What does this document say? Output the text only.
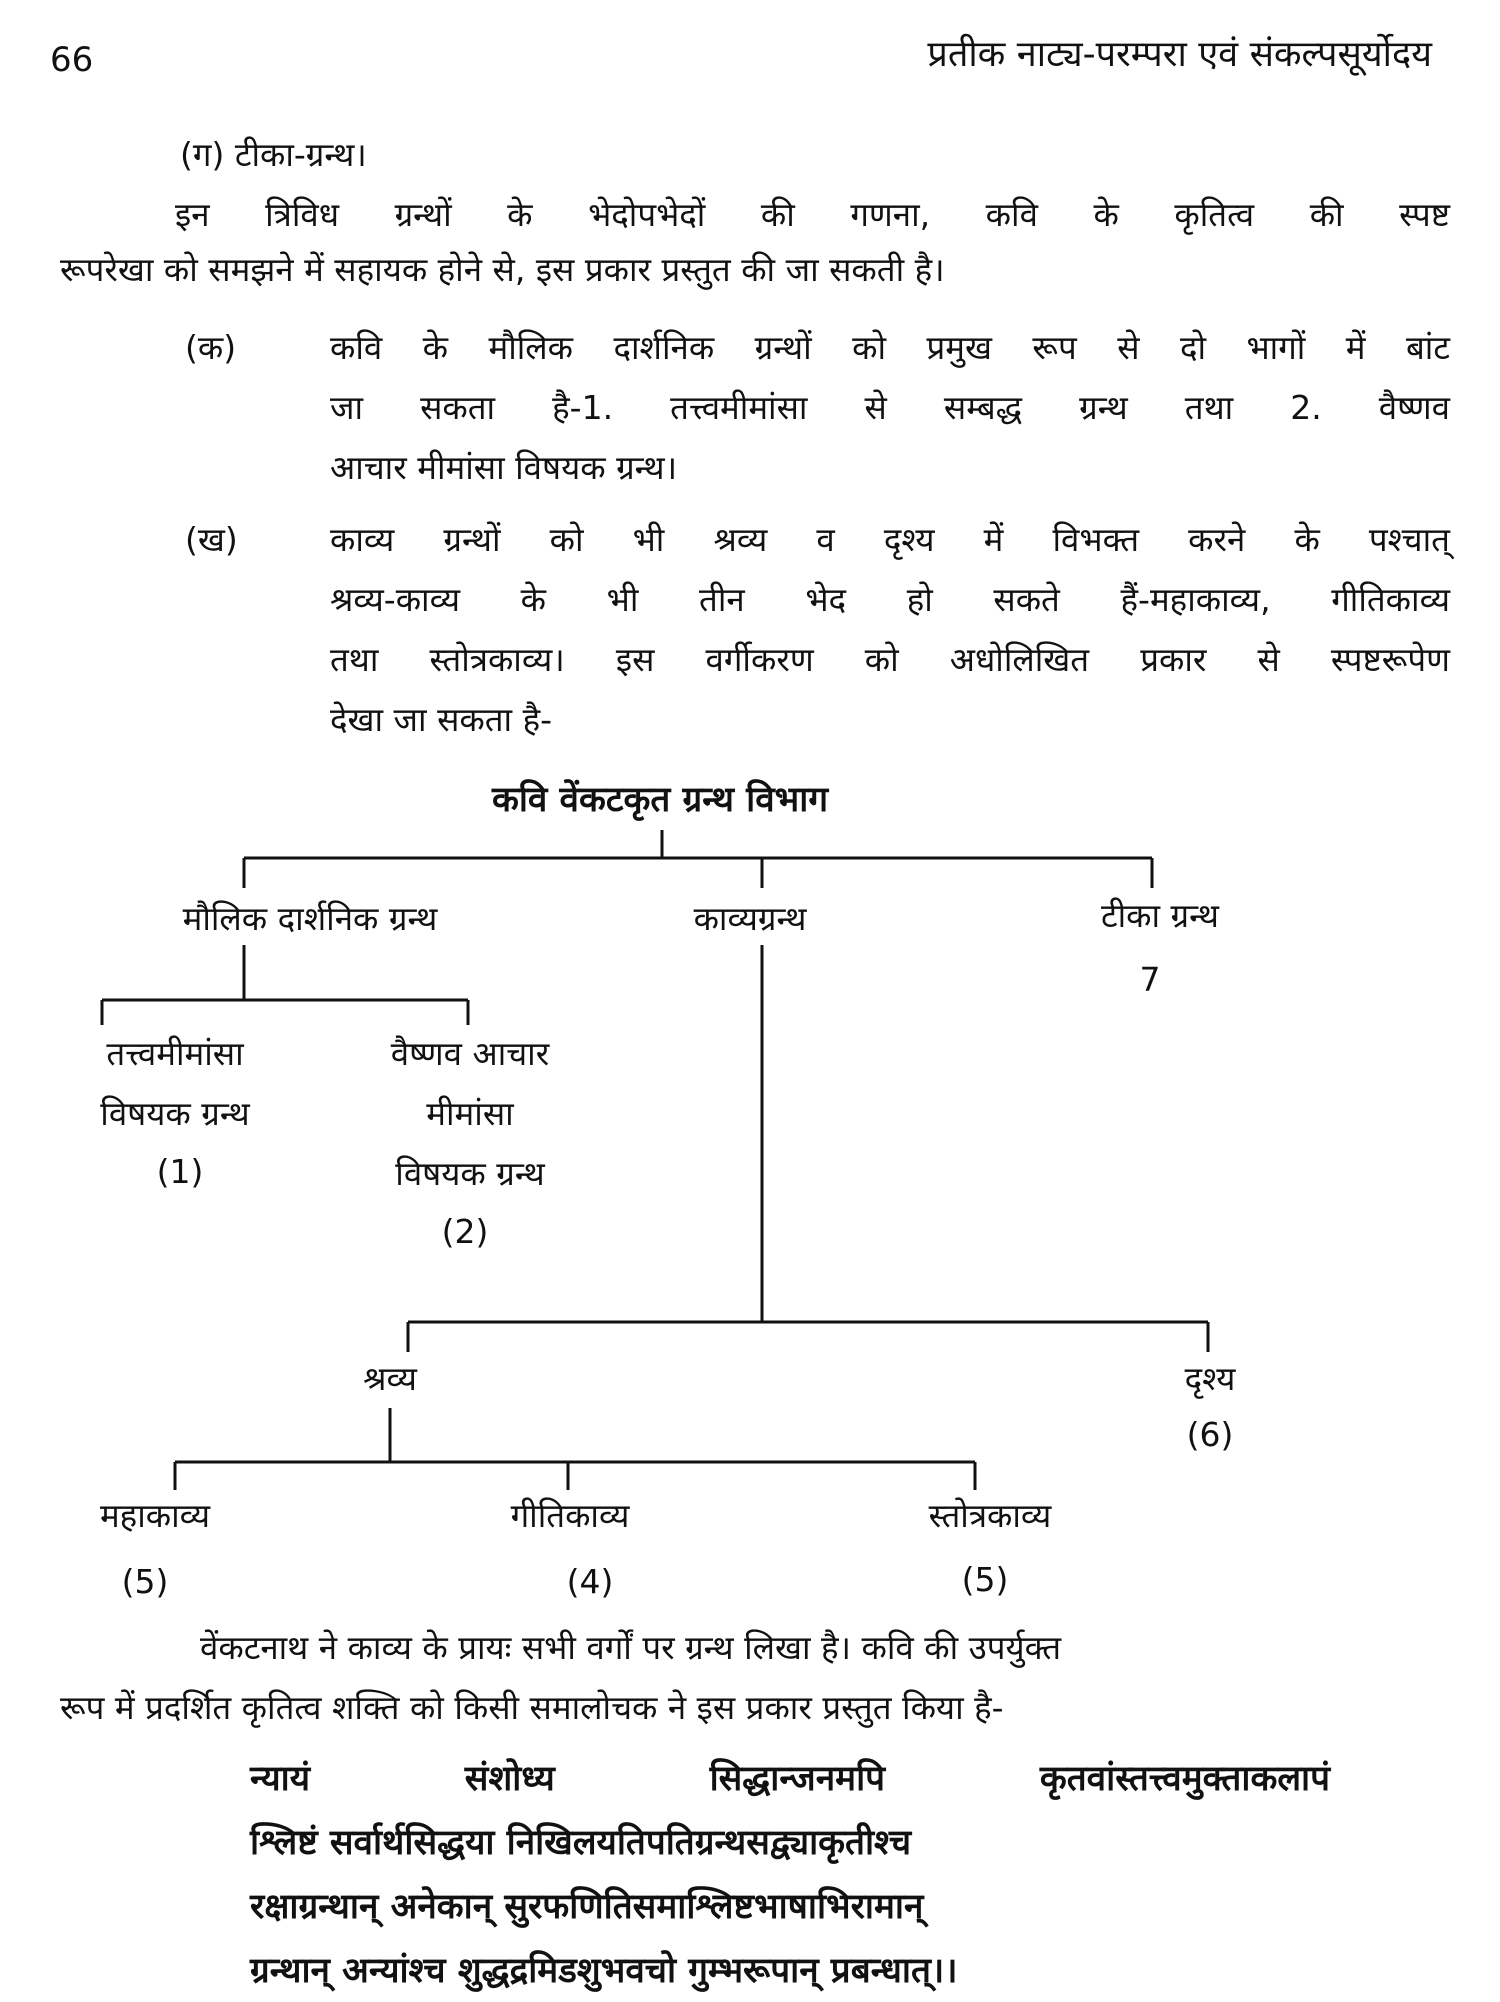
66	प्रतीक नाट्य-परम्परा एवं संकल्पसूर्योदय
(ग) टीका-ग्रन्थ।
इन त्रिविध ग्रन्थों के भेदोपभेदों की गणना, कवि के कृतित्व की स्पष्ट
रूपरेखा को समझने में सहायक होने से, इस प्रकार प्रस्तुत की जा सकती है।
(क)	कवि के मौलिक दार्शनिक ग्रन्थों को प्रमुख रूप से दो भागों में बांट
जा सकता है-1. तत्त्वमीमांसा से सम्बद्ध ग्रन्थ तथा 2. वैष्णव
आचार मीमांसा विषयक ग्रन्थ।
(ख)	काव्य ग्रन्थों को भी श्रव्य व दृश्य में विभक्त करने के पश्चात्
श्रव्य-काव्य के भी तीन भेद हो सकते हैं-महाकाव्य, गीतिकाव्य
तथा स्तोत्रकाव्य। इस वर्गीकरण को अधोलिखित प्रकार से स्पष्टरूपेण
देखा जा सकता है-
कवि वेंकटकृत ग्रन्थ विभाग
मौलिक दार्शनिक ग्रन्थ	काव्यग्रन्थ	टीका ग्रन्थ
7
तत्त्वमीमांसा
विषयक ग्रन्थ
(1)
वैष्णव आचार
मीमांसा
विषयक ग्रन्थ
(2)
श्रव्य	दृश्य
(6)
महाकाव्य
(5)
गीतिकाव्य
(4)
स्तोत्रकाव्य
(5)
वेंकटनाथ ने काव्य के प्रायः सभी वर्गों पर ग्रन्थ लिखा है। कवि की उपर्युक्त
रूप में प्रदर्शित कृतित्व शक्ति को किसी समालोचक ने इस प्रकार प्रस्तुत किया है-
न्यायं संशोध्य सिद्धान्जनमपि कृतवांस्तत्त्वमुक्ताकलापं
श्लिष्टं सर्वार्थसिद्धया निखिलयतिपतिग्रन्थसद्व्याकृतीश्च
रक्षाग्रन्थान् अनेकान् सुरफणितिसमाश्लिष्टभाषाभिरामान्
ग्रन्थान् अन्यांश्च शुद्धद्रमिडशुभवचो गुम्भरूपान् प्रबन्धात्।।
